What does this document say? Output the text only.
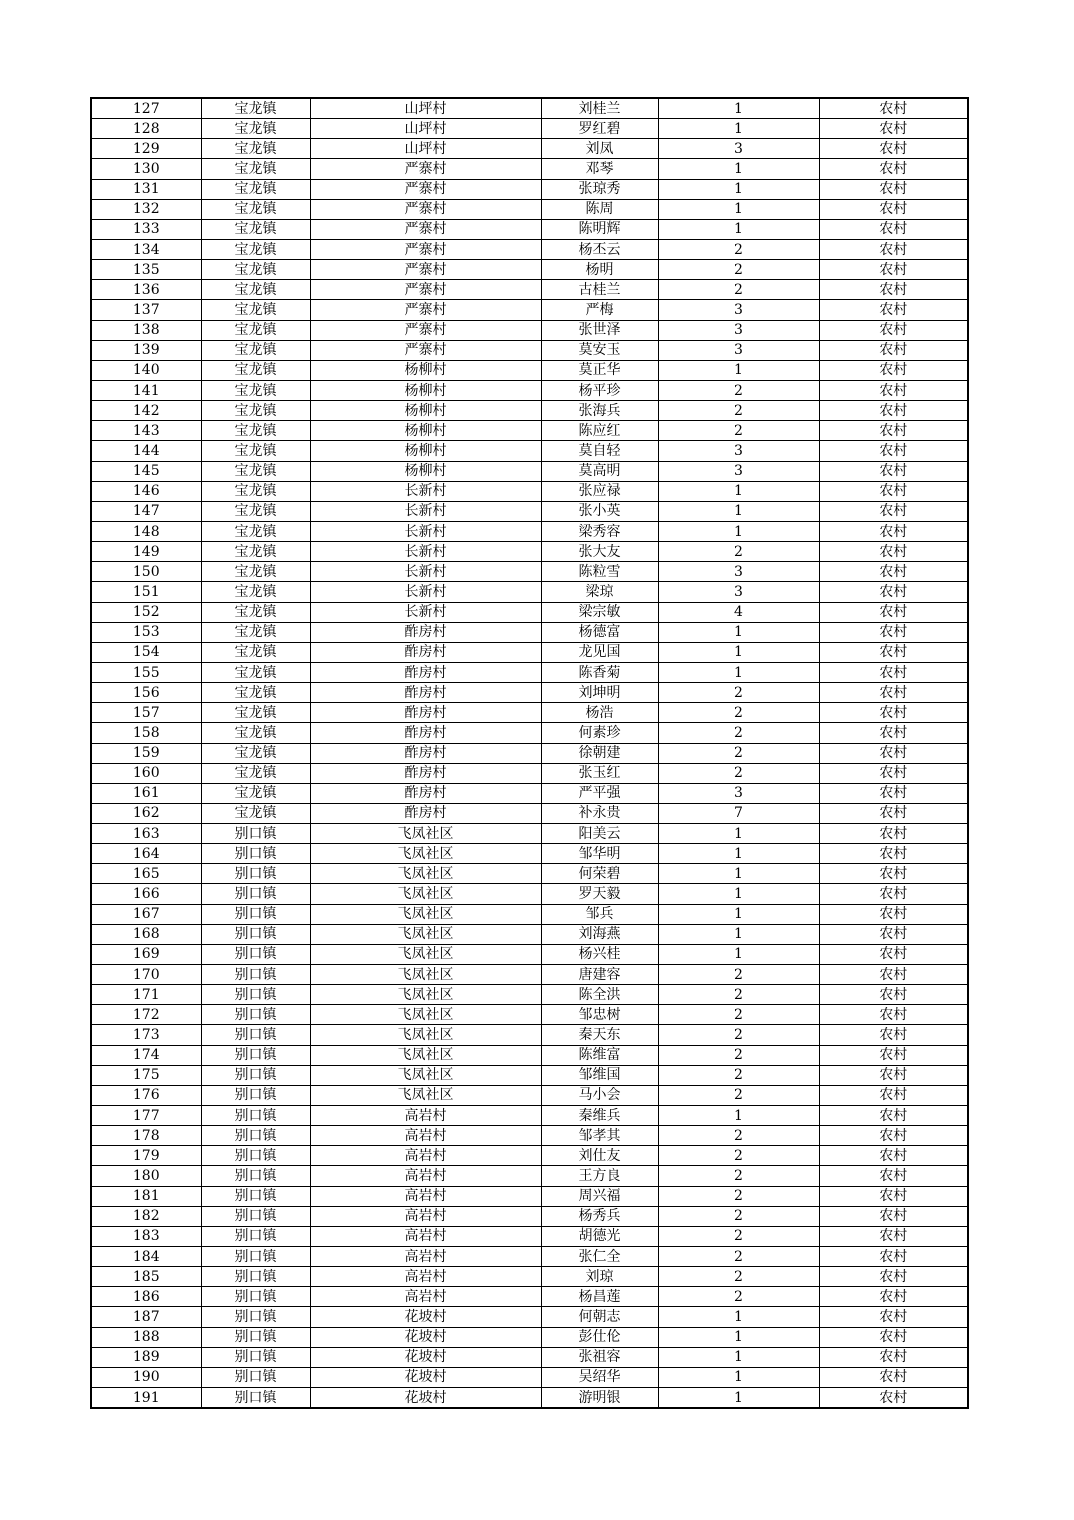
127	宝龙镇	山坪村	刘桂兰	1	农村
128	宝龙镇	山坪村	罗红碧	1	农村
129	宝龙镇	山坪村	刘凤	3	农村
130	宝龙镇	严寨村	邓琴	1	农村
131	宝龙镇	严寨村	张琼秀	1	农村
132	宝龙镇	严寨村	陈周	1	农村
133	宝龙镇	严寨村	陈明辉	1	农村
134	宝龙镇	严寨村	杨丕云	2	农村
135	宝龙镇	严寨村	杨明	2	农村
136	宝龙镇	严寨村	古桂兰	2	农村
137	宝龙镇	严寨村	严梅	3	农村
138	宝龙镇	严寨村	张世泽	3	农村
139	宝龙镇	严寨村	莫安玉	3	农村
140	宝龙镇	杨柳村	莫正华	1	农村
141	宝龙镇	杨柳村	杨平珍	2	农村
142	宝龙镇	杨柳村	张海兵	2	农村
143	宝龙镇	杨柳村	陈应红	2	农村
144	宝龙镇	杨柳村	莫自轻	3	农村
145	宝龙镇	杨柳村	莫高明	3	农村
146	宝龙镇	长新村	张应禄	1	农村
147	宝龙镇	长新村	张小英	1	农村
148	宝龙镇	长新村	梁秀容	1	农村
149	宝龙镇	长新村	张大友	2	农村
150	宝龙镇	长新村	陈粒雪	3	农村
151	宝龙镇	长新村	梁琼	3	农村
152	宝龙镇	长新村	梁宗敏	4	农村
153	宝龙镇	酢房村	杨德富	1	农村
154	宝龙镇	酢房村	龙见国	1	农村
155	宝龙镇	酢房村	陈香菊	1	农村
156	宝龙镇	酢房村	刘坤明	2	农村
157	宝龙镇	酢房村	杨浩	2	农村
158	宝龙镇	酢房村	何素珍	2	农村
159	宝龙镇	酢房村	徐朝建	2	农村
160	宝龙镇	酢房村	张玉红	2	农村
161	宝龙镇	酢房村	严平强	3	农村
162	宝龙镇	酢房村	补永贵	7	农村
163	别口镇	飞凤社区	阳美云	1	农村
164	别口镇	飞凤社区	邹华明	1	农村
165	别口镇	飞凤社区	何荣碧	1	农村
166	别口镇	飞凤社区	罗天毅	1	农村
167	别口镇	飞凤社区	邹兵	1	农村
168	别口镇	飞凤社区	刘海燕	1	农村
169	别口镇	飞凤社区	杨兴桂	1	农村
170	别口镇	飞凤社区	唐建容	2	农村
171	别口镇	飞凤社区	陈全洪	2	农村
172	别口镇	飞凤社区	邹忠树	2	农村
173	别口镇	飞凤社区	秦天东	2	农村
174	别口镇	飞凤社区	陈维富	2	农村
175	别口镇	飞凤社区	邹维国	2	农村
176	别口镇	飞凤社区	马小会	2	农村
177	别口镇	高岩村	秦维兵	1	农村
178	别口镇	高岩村	邹孝其	2	农村
179	别口镇	高岩村	刘仕友	2	农村
180	别口镇	高岩村	王方良	2	农村
181	别口镇	高岩村	周兴福	2	农村
182	别口镇	高岩村	杨秀兵	2	农村
183	别口镇	高岩村	胡德光	2	农村
184	别口镇	高岩村	张仁全	2	农村
185	别口镇	高岩村	刘琼	2	农村
186	别口镇	高岩村	杨昌莲	2	农村
187	别口镇	花坡村	何朝志	1	农村
188	别口镇	花坡村	彭仕伦	1	农村
189	别口镇	花坡村	张祖容	1	农村
190	别口镇	花坡村	吴绍华	1	农村
191	别口镇	花坡村	游明银	1	农村
